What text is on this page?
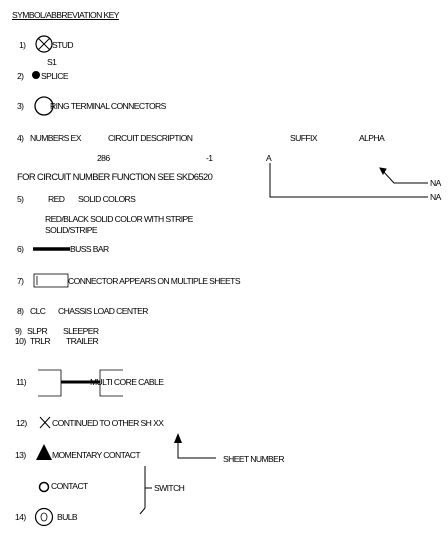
SYMBOL/ABBREVIATION KEY
1)	STUD
S1
2) SPLICE
3)	RING TERMINAL CONNECTORS
4) NUMBERS EX	CIRCUIT DESCRIPTION	SUFFIX	ALPHA
286	-1	A
FOR CIRCUIT NUMBER FUNCTION SEE SKD6520
NA
NA
5)	RED SOLID COLORS
RED/BLACK SOLID COLOR WITH STRIPE
SOLID/STRIPE
6)	BUSS BAR
7)	CONNECTOR APPEARS ON MULTIPLE SHEETS
8) CLC CHASSIS LOAD CENTER
9) SLPR SLEEPER
10) TRLR TRAILER
11)	MULTI CORE CABLE
12)	CONTINUED TO OTHER SH XX
SHEET NUMBER
13)	MOMENTARY CONTACT
CONTACT	SWITCH
14)	BULB
